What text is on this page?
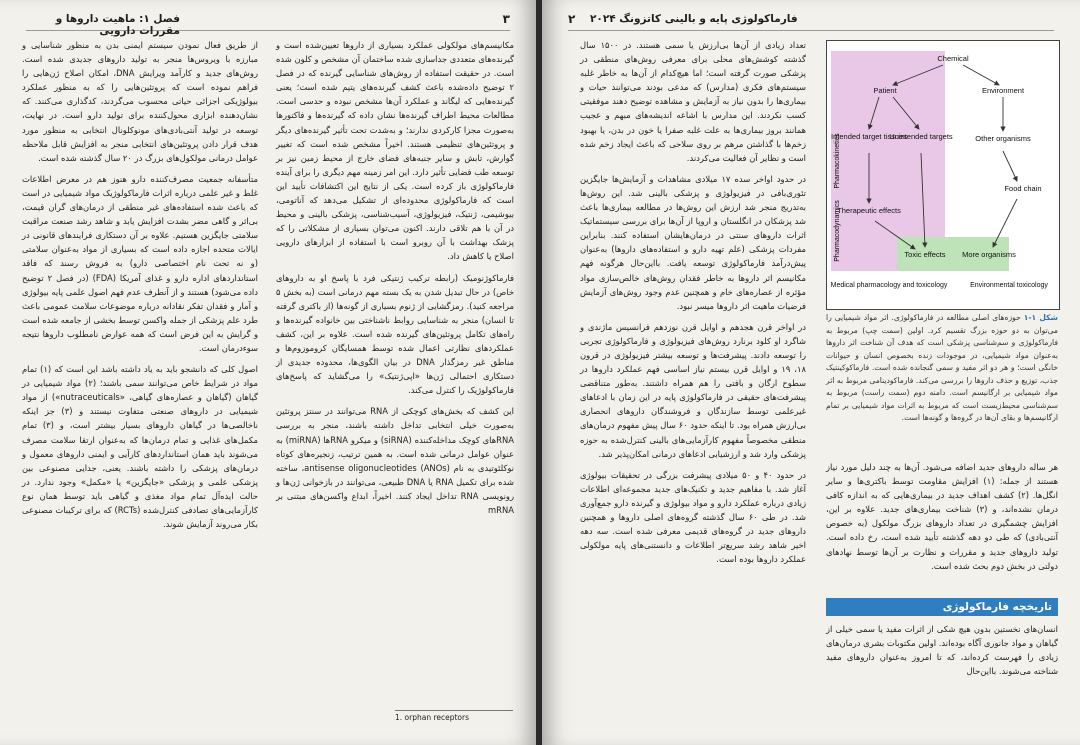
۳
فصل ۱: ماهیت داروها و مقررات دارویی

از طریق فعال نمودن سیستم ایمنی بدن به منظور شناسایی و مبارزه با ویروس‌ها منجر به تولید داروهای جدیدی شده است. روش‌های جدید و کارآمد ویرایش DNA، امکان اصلاح ژن‌هایی را فراهم نموده است که پروتئین‌هایی را که به منظور عملکرد بیولوژیکی اجزائی حیاتی محسوب می‌گردند، کدگذاری می‌کنند. که نشان‌دهنده ابزاری محول‌کننده برای تولید دارو است. در نهایت، توسعه در تولید آنتی‌بادی‌های مونوکلونال انتخابی به منظور مورد هدف قرار دادن پروتئین‌های انتخابی منجر به افزایش قابل ملاحظه عوامل درمانی مولکول‌های بزرگ در ۲۰ سال گذشته شده است.

متأسفانه جمعیت مصرف‌کننده دارو هنوز هم در معرض اطلاعات غلط و غیر علمی درباره اثرات فارماکولوژیک مواد شیمیایی در است که باعث شده استفاده‌های غیر منطقی از درمان‌های گران قیمت، بی‌اثر و گاهی مضر بشدت افزایش یابد و شاهد رشد صنعت مراقبت سلامتی جایگزین هستیم. علاوه بر آن دستکاری فرایندهای قانونی در ایالات متحده اجازه داده است که بسیاری از مواد به‌عنوان سلامتی (و نه تحت نام اختصاصی دارو) به فروش رسند که فاقد استانداردهای اداره دارو و غذای آمریکا (FDA) (در فصل ۲ توضیح داده می‌شود) هستند و از آنطرف عدم فهم اصول علمی پایه بیولوژی و آمار و فقدان تفکر نقادانه درباره موضوعات سلامت عمومی باعث طرد علم پزشکی از جمله واکسن توسط بخشی از جامعه شده است و گرایش به این فرض است که همه عوارض نامطلوب داروها نتیجه سوء‌درمان است.

اصول کلی که دانشجو باید به یاد داشته باشد این است که (۱) تمام مواد در شرایط خاص می‌توانند سمی باشند؛ (۲) مواد شیمیایی در گیاهان (گیاهان و عصاره‌های گیاهی، «nutraceuticals») از مواد شیمیایی در داروهای صنعتی متفاوت نیستند و (۳) جز اینکه ناخالصی‌ها در گیاهان داروهای بسیار بیشتر است، و (۳) تمام مکمل‌های غذایی و تمام درمان‌ها که به‌عنوان ارتقا سلامت مصرف می‌شوند باید همان استانداردهای کارآیی و ایمنی داروهای معمول و درمان‌های پزشکی را داشته باشند. یعنی، جدایی مصنوعی بین پزشکی علمی و پزشکی «جایگزین» یا «مکمل» وجود ندارد. در حالت ایده‌آل تمام مواد مغذی و گیاهی باید توسط همان نوع کارآزمایی‌های تصادفی کنترل‌شده (RCTs) که برای ترکیبات مصنوعی بکار می‌روند آزمایش شوند.

مکانیسم‌های مولکولی عملکرد بسیاری از داروها تعیین‌شده است و گیرنده‌های متعددی جداسازی شده ساختمان آن مشخص و کلون شده است. در حقیقت استفاده از روش‌های شناسایی گیرنده که در فصل ۲ توضیح داده‌شده باعث کشف گیرنده‌های یتیم شده است؛ یعنی گیرنده‌هایی که لیگاند و عملکرد آن‌ها مشخص نبوده و حدسی است. مطالعات محیط اطراف گیرنده‌ها نشان داده که گیرنده‌ها و فاکتورها به‌صورت مجزا کارکردی ندارند؛ و به‌شدت تحت تأثیر گیرنده‌های دیگر و پروتئین‌های تنظیمی هستند. اخیراً مشخص شده است که تغییر گوارش، تابش و سایر جنبه‌های فضای خارج از محیط زمین نیز بر توسعه طب فضایی تأثیر دارد. این امر زمینه مهم دیگری را برای آینده فارماکولوژی باز کرده است. یکی از نتایج این اکتشافات تأیید این است که فارماکولوژی محدوده‌ای از تشکیل می‌دهد که آناتومی، بیوشیمی، ژنتیک، فیزیولوژی، آسیب‌شناسی، پزشکی بالینی و محیط در آن با هم تلاقی دارند. اکنون می‌توان بسیاری از مشکلاتی را که پزشک بهداشت با آن روبرو است با استفاده از ابزارهای دارویی اصلاح یا کاهش داد.

فارماکوژنومیک (رابطه ترکیب ژنتیکی فرد با پاسخ او به داروهای خاص) در حال تبدیل شدن به یک بسته مهم درمانی است (به بخش ۵ مراجعه کنید). رمزگشایی از ژنوم بسیاری از گونه‌ها (از باکتری گرفته تا انسان) منجر به شناسایی روابط ناشناختی بین خانواده گیرنده‌ها و راه‌های تکامل پروتئین‌های گیرنده شده است. علاوه بر این، کشف عملکردهای نظارتی اعمال شده توسط همسایگان کروموزوم‌ها و مناطق غیر رمزگذار DNA در بیان الگوی‌ها، محدوده جدیدی از دستکاری احتمالی ژن‌ها «اپی‌ژنتیک» را می‌گشاید که پاسخ‌های فارماکولوژیک را کنترل می‌کند.

این کشف که بخش‌های کوچکی از RNA می‌توانند در سنتز پروتئین به‌صورت خیلی انتخابی تداخل داشته باشند، منجر به بررسی RNAهای کوچک مداخله‌کننده (siRNA) و میکرو RNAها (miRNA) به عنوان عوامل درمانی شده است. به همین ترتیب، زنجیره‌های کوتاه نوکلئوتیدی به نام antisense oligonucleotides (ANOs)، ساخته شده برای تکمیل RNA یا DNA طبیعی، می‌توانند در بازخوانی ژن‌ها و رونویسی RNA تداخل ایجاد کنند. اخیراً، ابداع واکسن‌های مبتنی بر mRNA

1. orphan receptors
۲ فارماکولوژی پایه و بالینی کاتزونگ ۲۰۲۴

تعداد زیادی از آن‌ها بی‌ارزش یا سمی هستند. در ۱۵۰۰ سال گذشته کوشش‌های محلی برای معرفی روش‌های منطقی در پزشکی صورت گرفته است؛ اما هیچ‌کدام از آن‌ها به خاطر غلبه سیستم‌های فکری (مدارس) که مدعی بودند می‌توانند حیات و بیماری‌ها را بدون نیاز به آزمایش و مشاهده توضیح دهند موفقیتی کسب نکردند. این مدارس با اشاعه اندیشه‌های مبهم و عجیب همانند بروز بیماری‌ها به علت غلبه صفرا یا خون در بدن، یا بهبود زخم‌ها با گذاشتن مرهم بر روی سلاحی که باعث ایجاد زخم شده است و نظایر آن فعالیت می‌کردند.

در حدود اواخر سده ۱۷ میلادی مشاهدات و آزمایش‌ها جایگزین تئوری‌بافی در فیزیولوژی و پزشکی بالینی شد. این روش‌ها به‌تدریج منجر شد ارزش این روش‌ها در مطالعه بیماری‌ها باعث شد پزشکان در انگلستان و اروپا از آن‌ها برای بررسی سیستماتیک اثرات داروهای سنتی در درمان‌هایشان استفاده کنند. بنابراین مفردات پزشکی (علم تهیه دارو و استفاده‌های داروها) به‌عنوان پیش‌درآمد فارماکولوژی توسعه یافت. با‌این‌حال هرگونه فهم مکانیسم اثر داروها به خاطر فقدان روش‌های خالص‌سازی مواد مؤثره از عصاره‌های خام و همچنین عدم وجود روش‌های آزمایش فرضیات ماهیت اثر داروها میسر نبود.

در اواخر قرن هجدهم و اوایل قرن نوزدهم فرانسیس ماژندی و شاگرد او کلود برنارد روش‌های فیزیولوژی و فارماکولوژی تجربی را توسعه دادند. پیشرفت‌ها و توسعه بیشتر فیزیولوژی در قرون ۱۸، ۱۹ و اوایل قرن بیستم نیاز اساسی فهم عملکرد داروها در سطوح ارگان و بافتی را هم همراه داشتند. به‌طور متناقضی پیشرفت‌های حقیقی در فارماکولوژی پایه در این زمان با ادعاهای غیرعلمی توسط سازندگان و فروشندگان داروهای انحصاری بی‌ارزش همراه بود. تا اینکه حدود ۶۰ سال پیش مفهوم درمان‌های منطقی مخصوصاً مفهوم کارآزمایی‌های بالینی کنترل‌شده به حوزه پزشکی وارد شد و ارزشیابی ادعاهای درمانی امکان‌پذیر شد.

در حدود ۴۰ و ۵۰ میلادی پیشرفت بزرگی در تحقیقات بیولوژی آغاز شد. با مفاهیم جدید و تکنیک‌های جدید مجموعه‌ای اطلاعات زیادی درباره عملکرد دارو و مواد بیولوژی و گیرنده دارو جمع‌آوری شد. در طی ۶۰ سال گذشته گروه‌های اصلی داروها و همچنین داروهای جدید در گروه‌های قدیمی معرفی شده است. سه دهه اخیر شاهد رشد سریع‌تر اطلاعات و دانستنی‌های پایه مولکولی عملکرد داروها بوده است.

Pharmacokinetics
Pharmacodynamics
Chemical
Patient	Environment
Intended target tissues
Unintended targets	Other organisms
Food chain
Therapeutic effects
Toxic effects More organisms
Medical pharmacology and toxicology	Environmental toxicology
شکل ۱-۱ حوزه‌های اصلی مطالعه در فارماکولوژی. اثر مواد شیمیایی را می‌توان به دو حوزه بزرگ تقسیم کرد. اولین (سمت چپ) مربوط به فارماکولوژی و سم‌شناسی پزشکی است که هدف آن شناخت اثر داروها به‌عنوان مواد شیمیایی، در موجودات زنده بخصوص انسان و حیوانات خانگی است؛ و هر دو اثر مفید و سمی گنجانده شده است. فارماکوکینتیک جذب، توزیع و حذف داروها را بررسی می‌کند. فارماکودینامی مربوط به اثر مواد شیمیایی بر ارگانیسم است. دامنه دوم (سمت راست) مربوط به سم‌شناسی محیط‌زیست است که مربوط به اثرات مواد شیمیایی بر تمام ارگانیسم‌ها و بقای آن‌ها در گروه‌ها و گونه‌ها است.

هر ساله داروهای جدید اضافه می‌شود. آن‌ها به چند دلیل مورد نیاز هستند از جمله: (۱) افزایش مقاومت توسط باکتری‌ها و سایر انگل‌ها. (۲) کشف اهداف جدید در بیماری‌هایی که به اندازه کافی درمان نشده‌اند، و (۳) شناخت بیماری‌های جدید. علاوه بر این، افزایش چشمگیری در تعداد داروهای بزرگ مولکول (به خصوص آنتی‌بادی) که طی دو دهه گذشته تأیید شده است، رخ داده است. تولید داروهای جدید و مقررات و نظارت بر آن‌ها توسط نهادهای دولتی در بخش دوم بحث شده است.

تاریخچه فارماکولوژی

انسان‌های نخستین بدون هیچ شکی از اثرات مفید یا سمی خیلی از گیاهان و مواد جانوری آگاه بوده‌اند. اولین مکتوبات بشری درمان‌های زیادی را فهرست کرده‌اند، که تا امروز به‌عنوان داروهای مفید شناخته می‌شوند. با‌این‌حال
